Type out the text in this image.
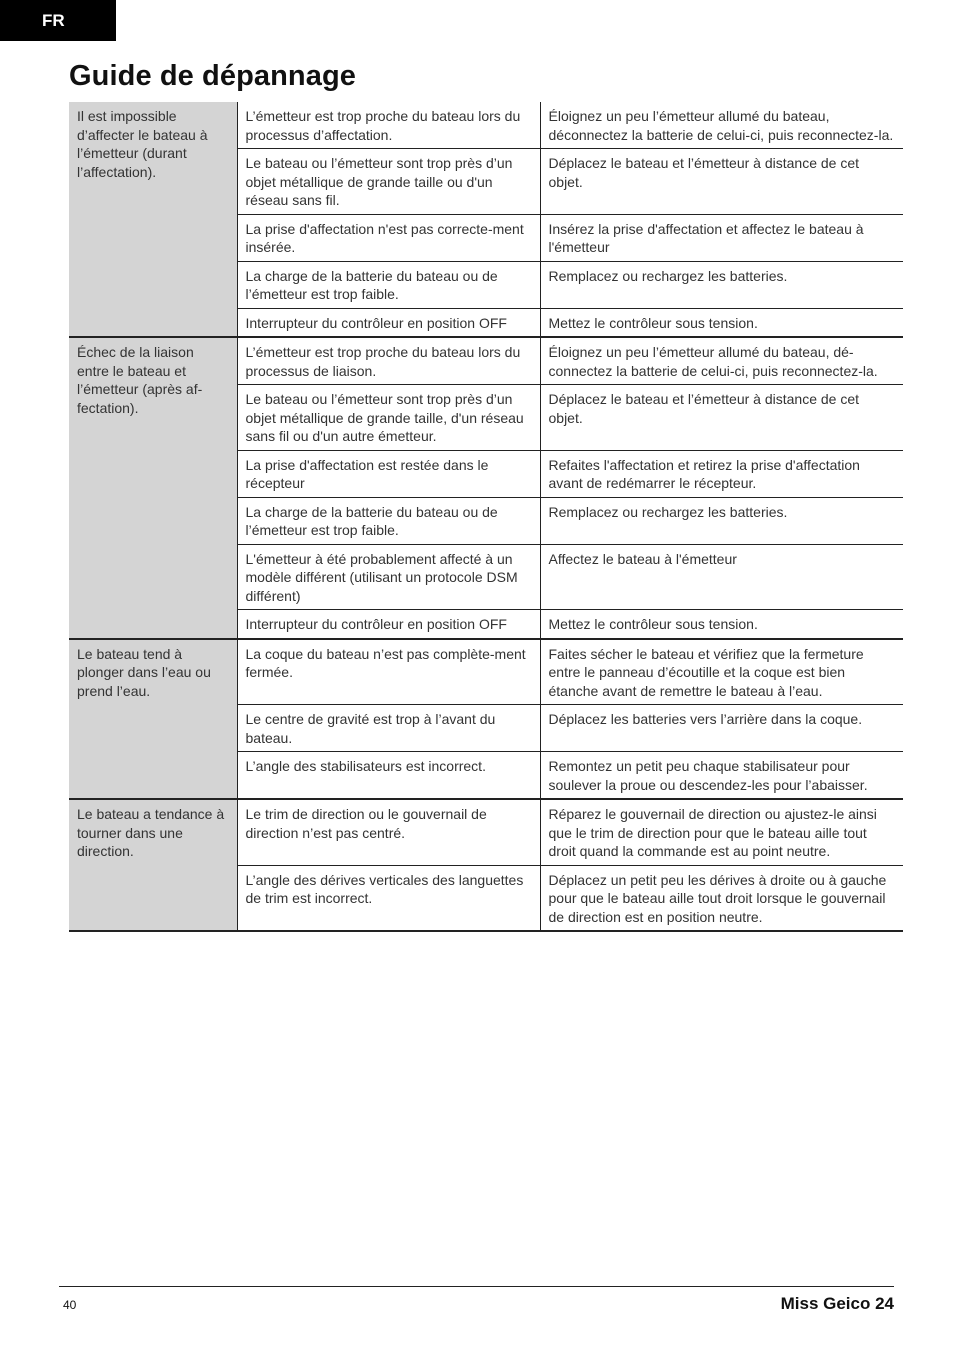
FR
Guide de dépannage
Il est impossible d’affecter le bateau à l’émetteur (durant l’affectation).	L’émetteur est trop proche du bateau lors du processus d’affectation.	Éloignez un peu l’émetteur allumé du bateau, déconnectez la batterie de celui-ci, puis reconnectez-la.
	Le bateau ou l’émetteur sont trop près d’un objet métallique de grande taille ou d'un réseau sans fil.	Déplacez le bateau et l’émetteur à distance de cet objet.
	La prise d'affectation n'est pas correcte-ment insérée.	Insérez la prise d'affectation et affectez le bateau à l'émetteur
	La charge de la batterie du bateau ou de l’émetteur est trop faible.	Remplacez ou rechargez les batteries.
	Interrupteur du contrôleur en position OFF	Mettez le contrôleur sous tension.
Échec de la liaison entre le bateau et l’émetteur (après af-fectation).	L’émetteur est trop proche du bateau lors du processus de liaison.	Éloignez un peu l’émetteur allumé du bateau, dé-connectez la batterie de celui-ci, puis reconnectez-la.
	Le bateau ou l’émetteur sont trop près d’un objet métallique de grande taille, d'un réseau sans fil ou d'un autre émetteur.	Déplacez le bateau et l’émetteur à distance de cet objet.
	La prise d'affectation est restée dans le récepteur	Refaites l'affectation et retirez la prise d'affectation avant de redémarrer le récepteur.
	La charge de la batterie du bateau ou de l’émetteur est trop faible.	Remplacez ou rechargez les batteries.
	L'émetteur à été probablement affecté à un modèle différent (utilisant un protocole DSM différent)	Affectez le bateau à l'émetteur
	Interrupteur du contrôleur en position OFF	Mettez le contrôleur sous tension.
Le bateau tend à plonger dans l’eau ou prend l’eau.	La coque du bateau n’est pas complète-ment fermée.	Faites sécher le bateau et vérifiez que la fermeture entre le panneau d’écoutille et la coque est bien étanche avant de remettre le bateau à l’eau.
	Le centre de gravité est trop à l’avant du bateau.	Déplacez les batteries vers l’arrière dans la coque.
	L’angle des stabilisateurs est incorrect.	Remontez un petit peu chaque stabilisateur pour soulever la proue ou descendez-les pour l’abaisser.
Le bateau a tendance à tourner dans une direction.	Le trim de direction ou le gouvernail de direction n’est pas centré.	Réparez le gouvernail de direction ou ajustez-le ainsi que le trim de direction pour que le bateau aille tout droit quand la commande est au point neutre.
	L’angle des dérives verticales des languettes de trim est incorrect.	Déplacez un petit peu les dérives à droite ou à gauche pour que le bateau aille tout droit lorsque le gouvernail de direction est en position neutre.
40	Miss Geico 24
